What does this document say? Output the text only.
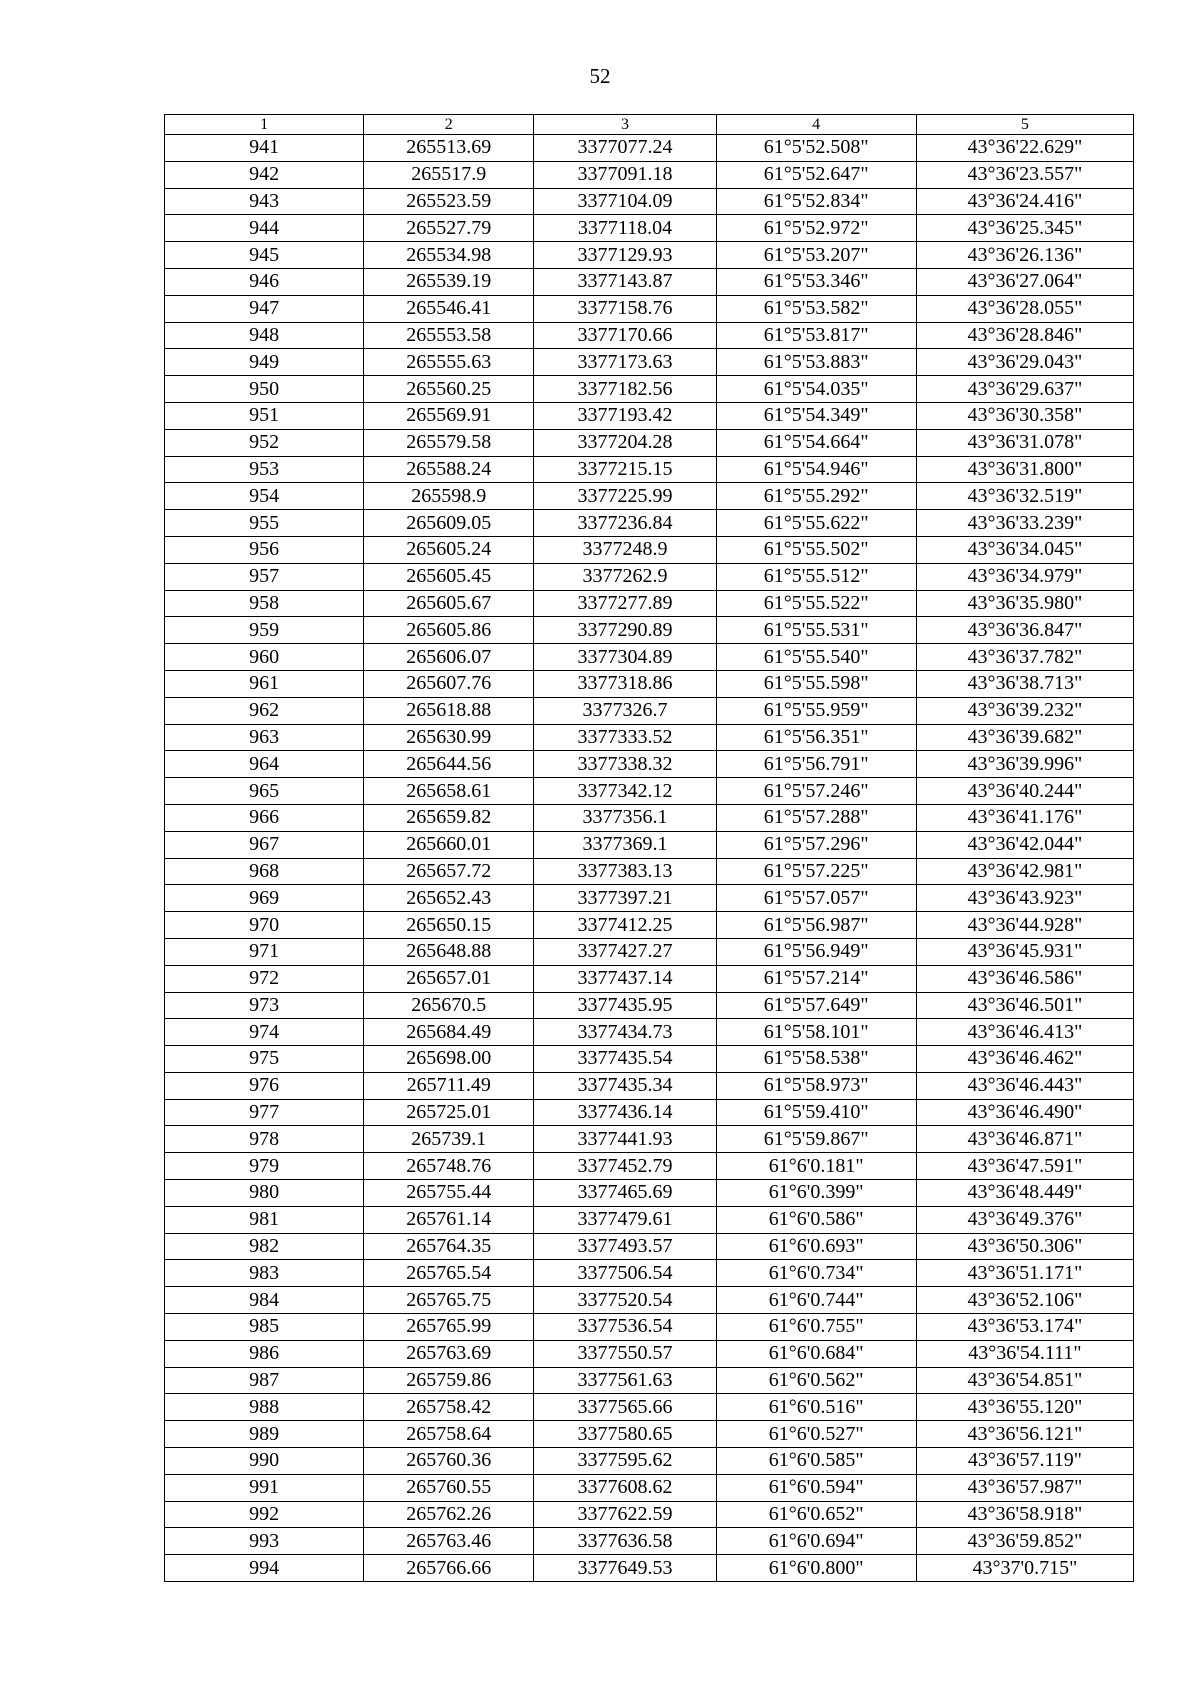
52
1	2	3	4	5
941	265513.69	3377077.24	61°5'52.508"	43°36'22.629"
942	265517.9	3377091.18	61°5'52.647"	43°36'23.557"
943	265523.59	3377104.09	61°5'52.834"	43°36'24.416"
944	265527.79	3377118.04	61°5'52.972"	43°36'25.345"
945	265534.98	3377129.93	61°5'53.207"	43°36'26.136"
946	265539.19	3377143.87	61°5'53.346"	43°36'27.064"
947	265546.41	3377158.76	61°5'53.582"	43°36'28.055"
948	265553.58	3377170.66	61°5'53.817"	43°36'28.846"
949	265555.63	3377173.63	61°5'53.883"	43°36'29.043"
950	265560.25	3377182.56	61°5'54.035"	43°36'29.637"
951	265569.91	3377193.42	61°5'54.349"	43°36'30.358"
952	265579.58	3377204.28	61°5'54.664"	43°36'31.078"
953	265588.24	3377215.15	61°5'54.946"	43°36'31.800"
954	265598.9	3377225.99	61°5'55.292"	43°36'32.519"
955	265609.05	3377236.84	61°5'55.622"	43°36'33.239"
956	265605.24	3377248.9	61°5'55.502"	43°36'34.045"
957	265605.45	3377262.9	61°5'55.512"	43°36'34.979"
958	265605.67	3377277.89	61°5'55.522"	43°36'35.980"
959	265605.86	3377290.89	61°5'55.531"	43°36'36.847"
960	265606.07	3377304.89	61°5'55.540"	43°36'37.782"
961	265607.76	3377318.86	61°5'55.598"	43°36'38.713"
962	265618.88	3377326.7	61°5'55.959"	43°36'39.232"
963	265630.99	3377333.52	61°5'56.351"	43°36'39.682"
964	265644.56	3377338.32	61°5'56.791"	43°36'39.996"
965	265658.61	3377342.12	61°5'57.246"	43°36'40.244"
966	265659.82	3377356.1	61°5'57.288"	43°36'41.176"
967	265660.01	3377369.1	61°5'57.296"	43°36'42.044"
968	265657.72	3377383.13	61°5'57.225"	43°36'42.981"
969	265652.43	3377397.21	61°5'57.057"	43°36'43.923"
970	265650.15	3377412.25	61°5'56.987"	43°36'44.928"
971	265648.88	3377427.27	61°5'56.949"	43°36'45.931"
972	265657.01	3377437.14	61°5'57.214"	43°36'46.586"
973	265670.5	3377435.95	61°5'57.649"	43°36'46.501"
974	265684.49	3377434.73	61°5'58.101"	43°36'46.413"
975	265698.00	3377435.54	61°5'58.538"	43°36'46.462"
976	265711.49	3377435.34	61°5'58.973"	43°36'46.443"
977	265725.01	3377436.14	61°5'59.410"	43°36'46.490"
978	265739.1	3377441.93	61°5'59.867"	43°36'46.871"
979	265748.76	3377452.79	61°6'0.181"	43°36'47.591"
980	265755.44	3377465.69	61°6'0.399"	43°36'48.449"
981	265761.14	3377479.61	61°6'0.586"	43°36'49.376"
982	265764.35	3377493.57	61°6'0.693"	43°36'50.306"
983	265765.54	3377506.54	61°6'0.734"	43°36'51.171"
984	265765.75	3377520.54	61°6'0.744"	43°36'52.106"
985	265765.99	3377536.54	61°6'0.755"	43°36'53.174"
986	265763.69	3377550.57	61°6'0.684"	43°36'54.111"
987	265759.86	3377561.63	61°6'0.562"	43°36'54.851"
988	265758.42	3377565.66	61°6'0.516"	43°36'55.120"
989	265758.64	3377580.65	61°6'0.527"	43°36'56.121"
990	265760.36	3377595.62	61°6'0.585"	43°36'57.119"
991	265760.55	3377608.62	61°6'0.594"	43°36'57.987"
992	265762.26	3377622.59	61°6'0.652"	43°36'58.918"
993	265763.46	3377636.58	61°6'0.694"	43°36'59.852"
994	265766.66	3377649.53	61°6'0.800"	43°37'0.715"
